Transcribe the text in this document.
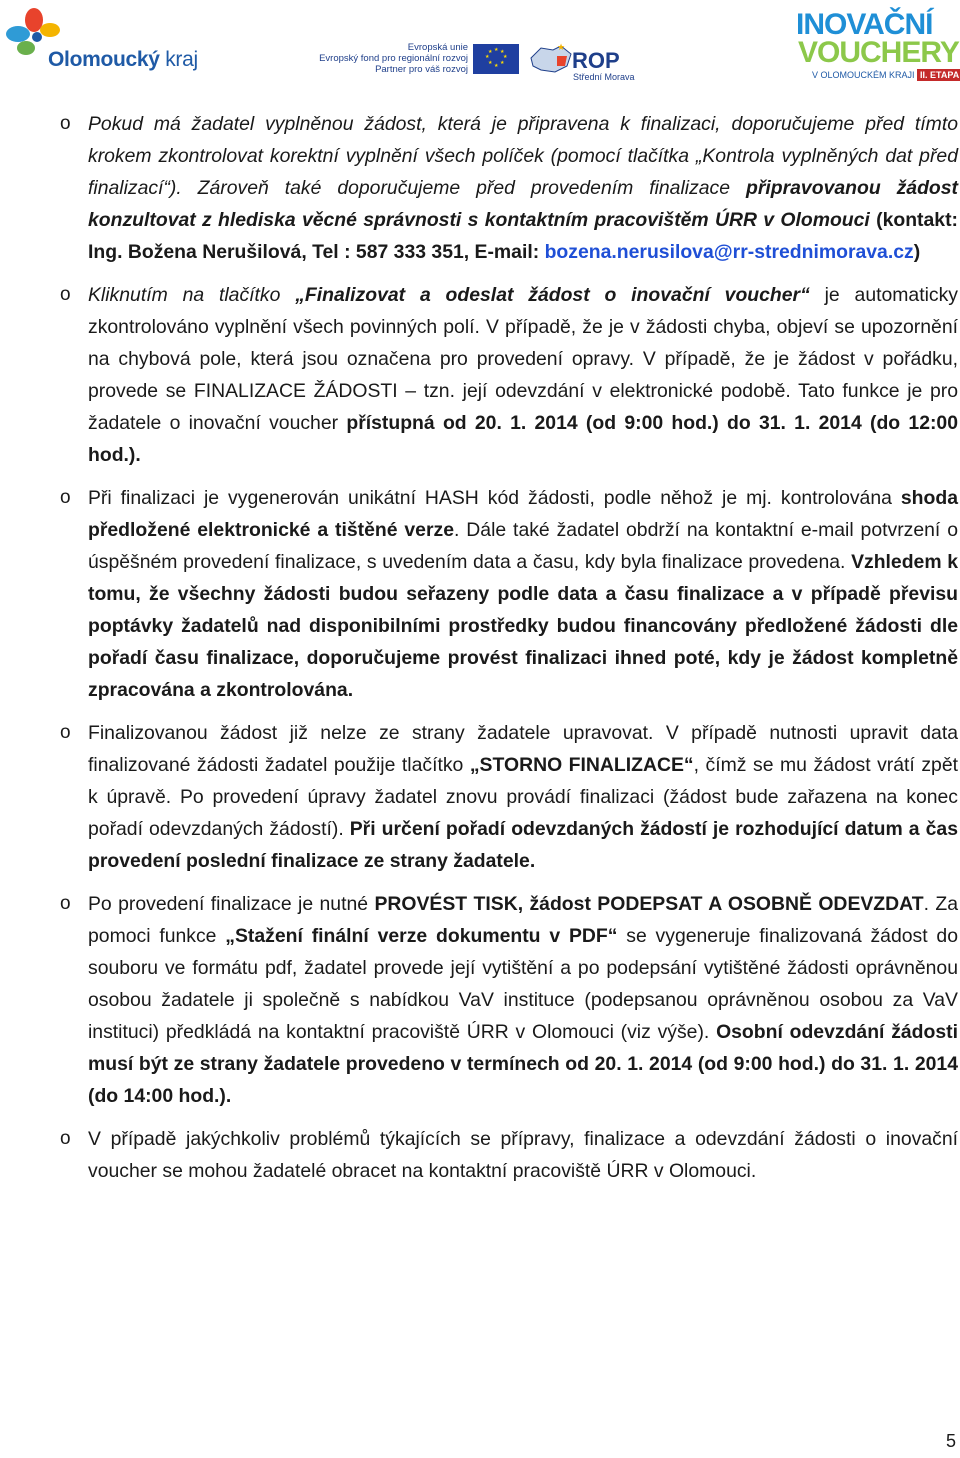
Olomoucký kraj
Evropská unie
Evropský fond pro regionální rozvoj
Partner pro váš rozvoj
★ ★
★
★
★
★
★
★	★ ROP
Střední Morava
INOVAČNÍ
VOUCHERY
V OLOMOUCKÉM KRAJI II. ETAPA
o Pokud má žadatel vyplněnou žádost, která je připravena k finalizaci, doporučujeme před tímto krokem zkontrolovat korektní vyplnění všech políček (pomocí tlačítka „Kontrola vyplněných dat před finalizací“). Zároveň také doporučujeme před provedením finalizace připravovanou žádost konzultovat z hlediska věcné správnosti s kontaktním pracovištěm ÚRR v Olomouci (kontakt: Ing. Božena Nerušilová, Tel : 587 333 351, E-mail: bozena.nerusilova@rr-strednimorava.cz)
o Kliknutím na tlačítko „Finalizovat a odeslat žádost o inovační voucher“ je automaticky zkontrolováno vyplnění všech povinných polí. V případě, že je v žádosti chyba, objeví se upozornění na chybová pole, která jsou označena pro provedení opravy. V případě, že je žádost v pořádku, provede se FINALIZACE ŽÁDOSTI – tzn. její odevzdání v elektronické podobě. Tato funkce je pro žadatele o inovační voucher přístupná od 20. 1. 2014 (od 9:00 hod.) do 31. 1. 2014 (do 12:00 hod.).
o Při finalizaci je vygenerován unikátní HASH kód žádosti, podle něhož je mj. kontrolována shoda předložené elektronické a tištěné verze. Dále také žadatel obdrží na kontaktní e-mail potvrzení o úspěšném provedení finalizace, s uvedením data a času, kdy byla finalizace provedena. Vzhledem k tomu, že všechny žádosti budou seřazeny podle data a času finalizace a v případě převisu poptávky žadatelů nad disponibilními prostředky budou financovány předložené žádosti dle pořadí času finalizace, doporučujeme provést finalizaci ihned poté, kdy je žádost kompletně zpracována a zkontrolována.
o Finalizovanou žádost již nelze ze strany žadatele upravovat. V případě nutnosti upravit data finalizované žádosti žadatel použije tlačítko „STORNO FINALIZACE“, čímž se mu žádost vrátí zpět k úpravě. Po provedení úpravy žadatel znovu provádí finalizaci (žádost bude zařazena na konec pořadí odevzdaných žádostí). Při určení pořadí odevzdaných žádostí je rozhodující datum a čas provedení poslední finalizace ze strany žadatele.
o Po provedení finalizace je nutné PROVÉST TISK, žádost PODEPSAT A OSOBNĚ ODEVZDAT. Za pomoci funkce „Stažení finální verze dokumentu v PDF“ se vygeneruje finalizovaná žádost do souboru ve formátu pdf, žadatel provede její vytištění a po podepsání vytištěné žádosti oprávněnou osobou žadatele ji společně s nabídkou VaV instituce (podepsanou oprávněnou osobou za VaV instituci) předkládá na kontaktní pracoviště ÚRR v Olomouci (viz výše). Osobní odevzdání žádosti musí být ze strany žadatele provedeno v termínech od 20. 1. 2014 (od 9:00 hod.) do 31. 1. 2014 (do 14:00 hod.).
o V případě jakýchkoliv problémů týkajících se přípravy, finalizace a odevzdání žádosti o inovační voucher se mohou žadatelé obracet na kontaktní pracoviště ÚRR v Olomouci.
5
